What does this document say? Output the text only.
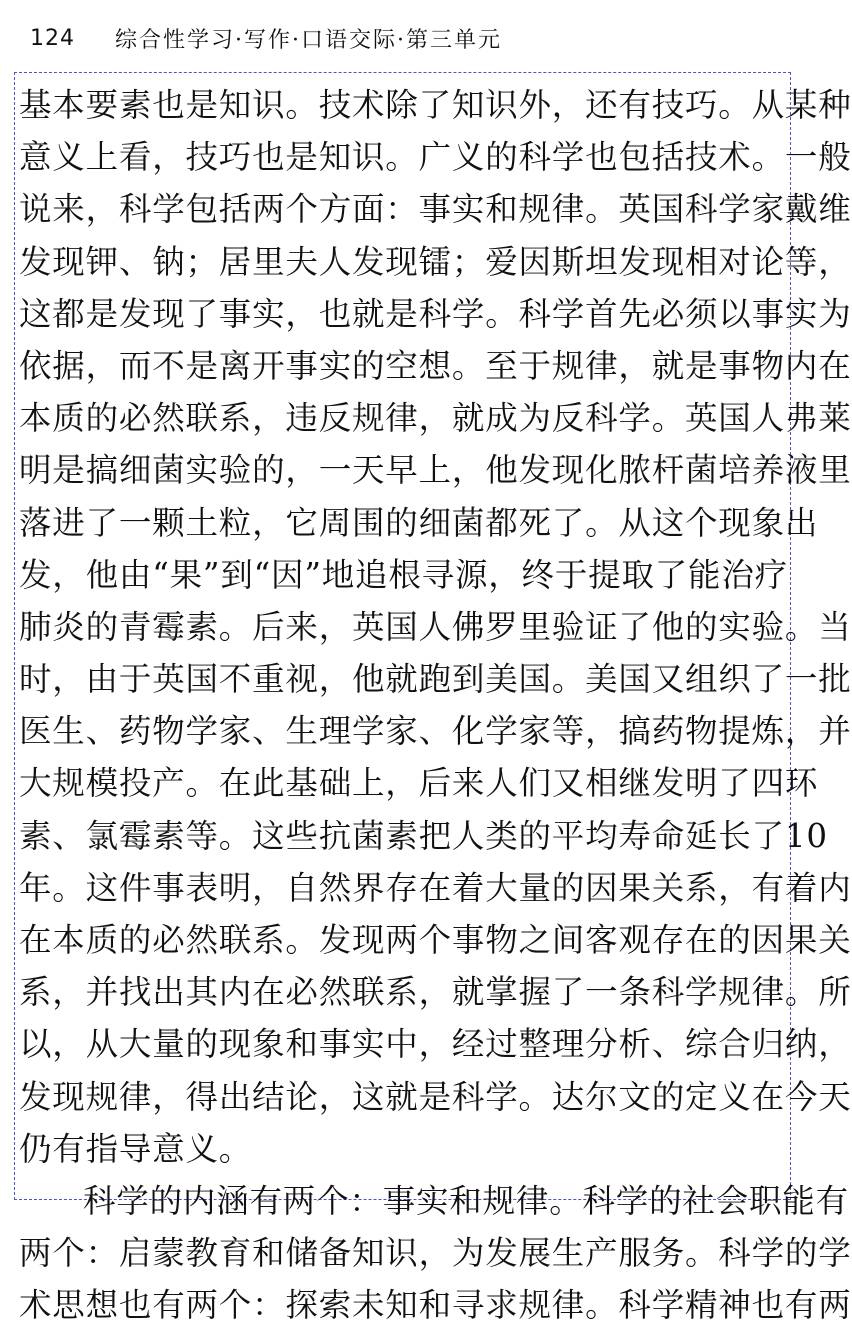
124 综合性学习·写作·口语交际·第三单元
基本要素也是知识。技术除了知识外，还有技巧。从某种
意义上看，技巧也是知识。广义的科学也包括技术。一般
说来，科学包括两个方面：事实和规律。英国科学家戴维
发现钾、钠；居里夫人发现镭；爱因斯坦发现相对论等，
这都是发现了事实，也就是科学。科学首先必须以事实为
依据，而不是离开事实的空想。至于规律，就是事物内在
本质的必然联系，违反规律，就成为反科学。英国人弗莱
明是搞细菌实验的，一天早上，他发现化脓杆菌培养液里
落进了一颗土粒，它周围的细菌都死了。从这个现象出
发，他由“果”到“因”地追根寻源，终于提取了能治疗
肺炎的青霉素。后来，英国人佛罗里验证了他的实验。当
时，由于英国不重视，他就跑到美国。美国又组织了一批
医生、药物学家、生理学家、化学家等，搞药物提炼，并
大规模投产。在此基础上，后来人们又相继发明了四环
素、氯霉素等。这些抗菌素把人类的平均寿命延长了10
年。这件事表明，自然界存在着大量的因果关系，有着内
在本质的必然联系。发现两个事物之间客观存在的因果关
系，并找出其内在必然联系，就掌握了一条科学规律。所
以，从大量的现象和事实中，经过整理分析、综合归纳，
发现规律，得出结论，这就是科学。达尔文的定义在今天
仍有指导意义。
科学的内涵有两个：事实和规律。科学的社会职能有
两个：启蒙教育和储备知识，为发展生产服务。科学的学
术思想也有两个：探索未知和寻求规律。科学精神也有两
